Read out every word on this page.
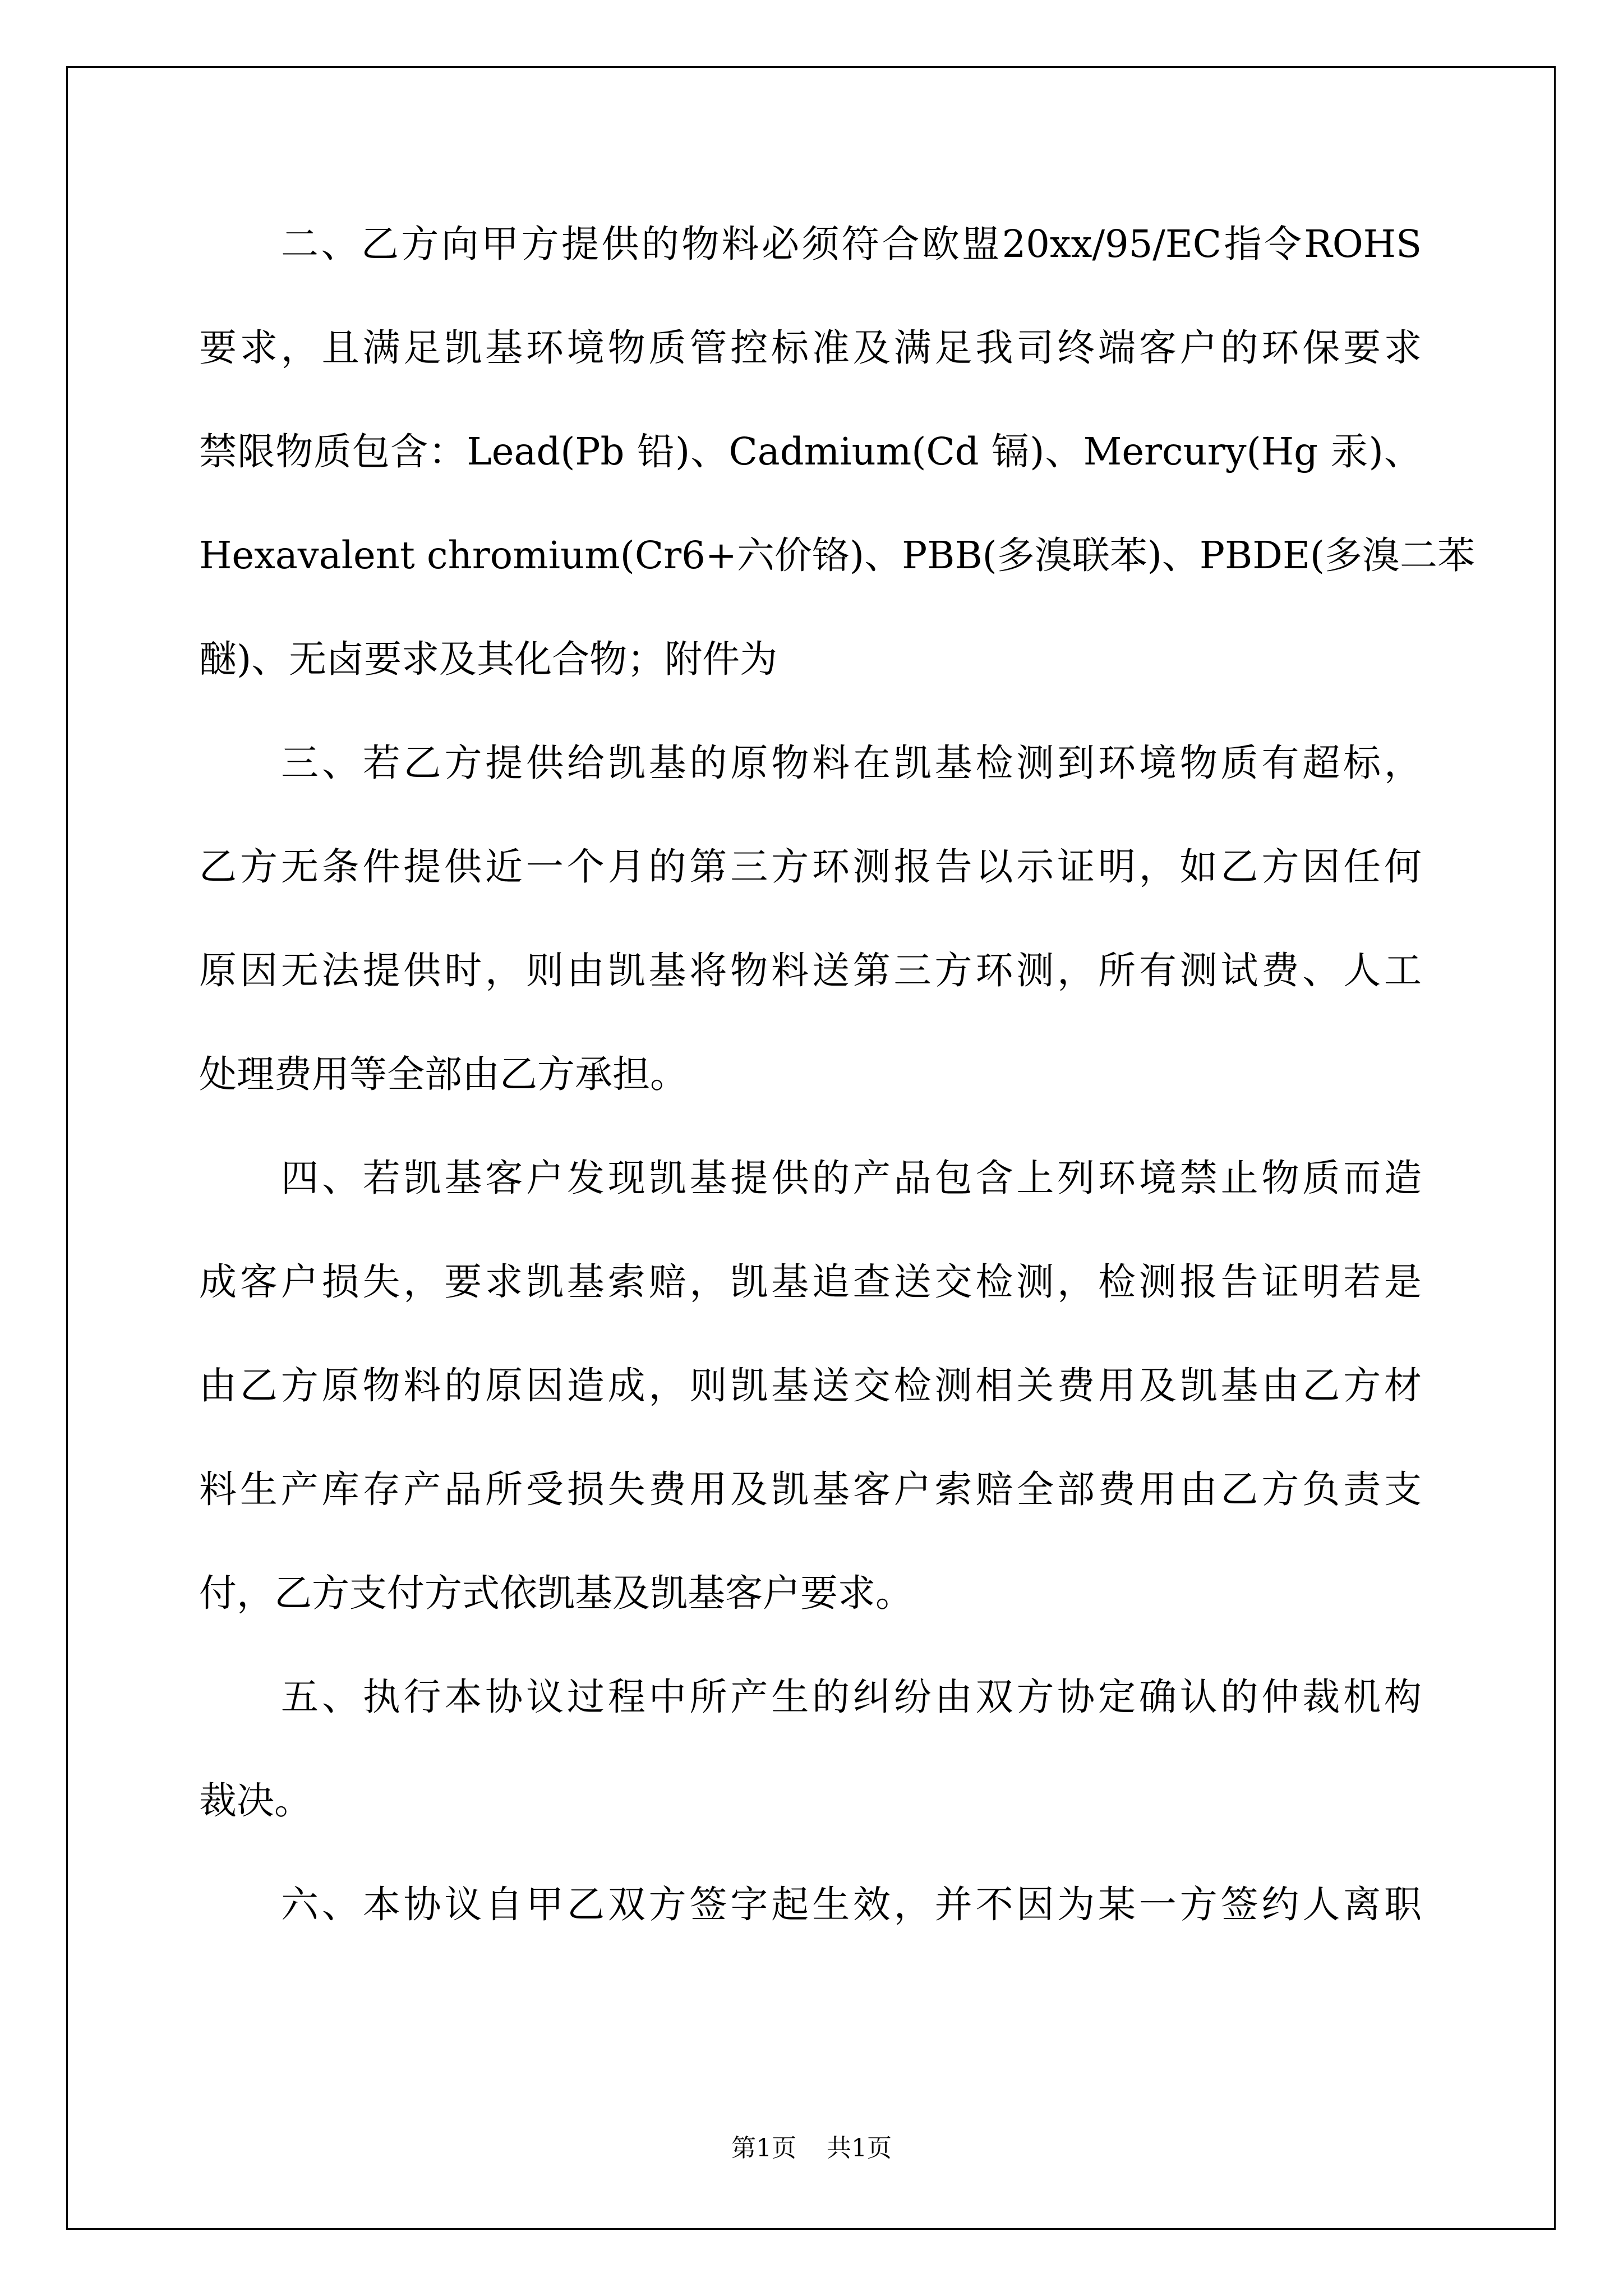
二、乙方向甲方提供的物料必须符合欧盟20xx/95/EC指令ROHS
要求，且满足凯基环境物质管控标准及满足我司终端客户的环保要求
禁限物质包含：Lead(Pb 铅)、Cadmium(Cd 镉)、Mercury(Hg 汞)、
Hexavalent chromium(Cr6+六价铬)、PBB(多溴联苯)、PBDE(多溴二苯
醚)、无卤要求及其化合物；附件为
三、若乙方提供给凯基的原物料在凯基检测到环境物质有超标，
乙方无条件提供近一个月的第三方环测报告以示证明，如乙方因任何
原因无法提供时，则由凯基将物料送第三方环测，所有测试费、人工
处理费用等全部由乙方承担。
四、若凯基客户发现凯基提供的产品包含上列环境禁止物质而造
成客户损失，要求凯基索赔，凯基追查送交检测，检测报告证明若是
由乙方原物料的原因造成，则凯基送交检测相关费用及凯基由乙方材
料生产库存产品所受损失费用及凯基客户索赔全部费用由乙方负责支
付，乙方支付方式依凯基及凯基客户要求。
五、执行本协议过程中所产生的纠纷由双方协定确认的仲裁机构
裁决。
六、本协议自甲乙双方签字起生效，并不因为某一方签约人离职
第1页 共1页
